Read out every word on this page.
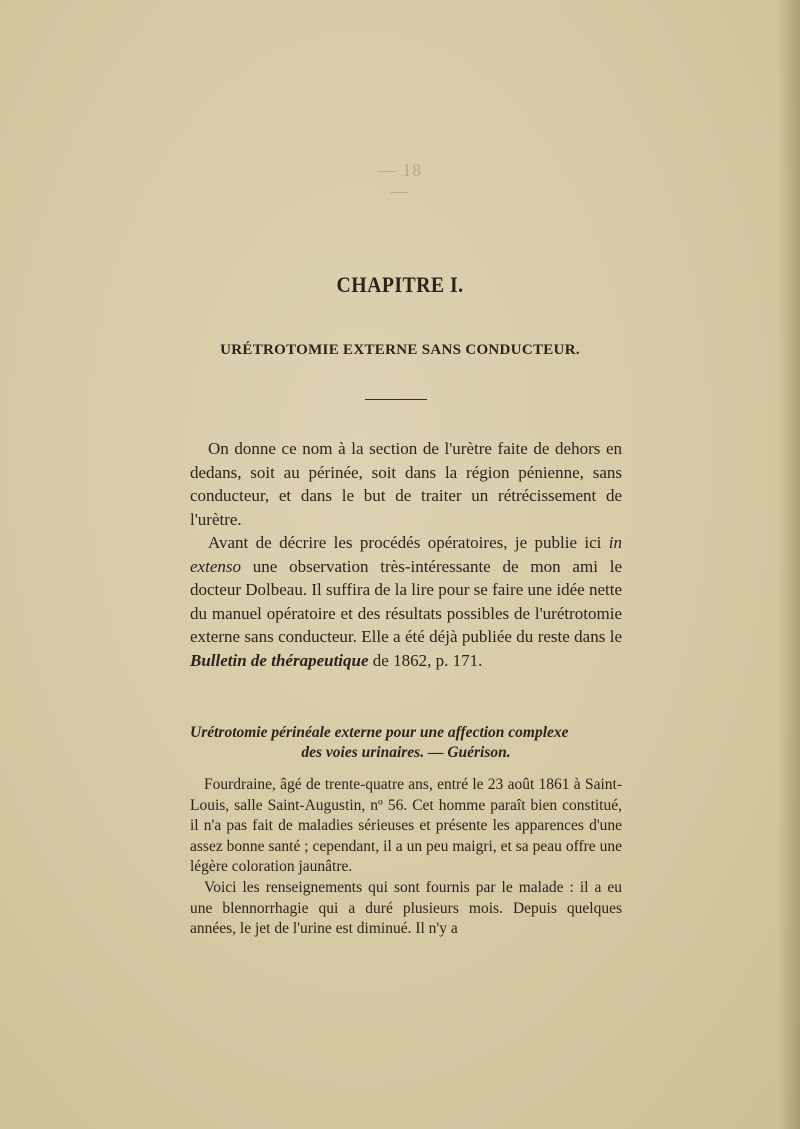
— 18 —
CHAPITRE I.
URÉTROTOMIE EXTERNE SANS CONDUCTEUR.

On donne ce nom à la section de l'urètre faite de dehors en dedans, soit au périnée, soit dans la région pénienne, sans conducteur, et dans le but de traiter un rétrécissement de l'urètre.

Avant de décrire les procédés opératoires, je publie ici in extenso une observation très-intéressante de mon ami le docteur Dolbeau. Il suffira de la lire pour se faire une idée nette du manuel opératoire et des résultats possibles de l'urétrotomie externe sans conducteur. Elle a été déjà publiée du reste dans le Bulletin de thérapeutique de 1862, p. 171.

Urétrotomie périnéale externe pour une affection complexe
des voies urinaires. — Guérison.

Fourdraine, âgé de trente-quatre ans, entré le 23 août 1861 à Saint-Louis, salle Saint-Augustin, nº 56. Cet homme paraît bien constitué, il n'a pas fait de maladies sérieuses et présente les apparences d'une assez bonne santé ; cependant, il a un peu maigri, et sa peau offre une légère coloration jaunâtre.

Voici les renseignements qui sont fournis par le malade : il a eu une blennorrhagie qui a duré plusieurs mois. Depuis quelques années, le jet de l'urine est diminué. Il n'y a
